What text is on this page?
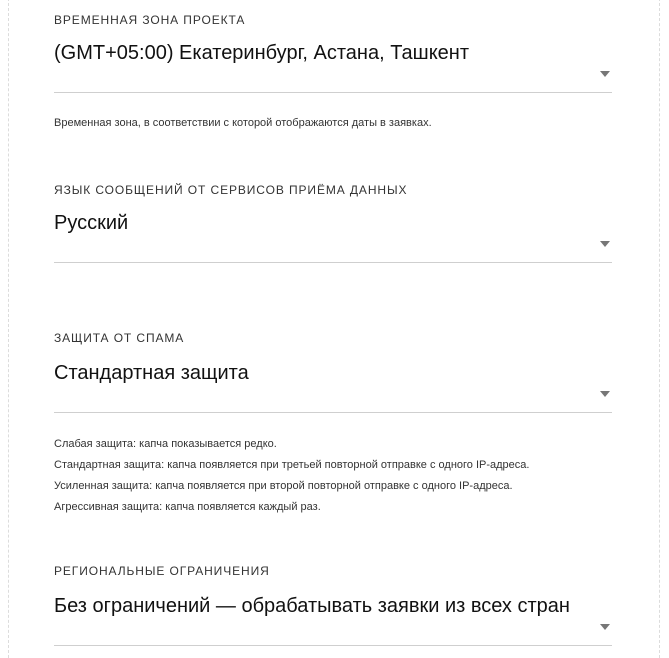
ВРЕМЕННАЯ ЗОНА ПРОЕКТА
(GMT+05:00) Екатеринбург, Астана, Ташкент
Временная зона, в соответствии с которой отображаются даты в заявках.
ЯЗЫК СООБЩЕНИЙ ОТ СЕРВИСОВ ПРИЁМА ДАННЫХ
Русский
ЗАЩИТА ОТ СПАМА
Стандартная защита
Слабая защита: капча показывается редко.
Стандартная защита: капча появляется при третьей повторной отправке с одного IP-адреса.
Усиленная защита: капча появляется при второй повторной отправке с одного IP-адреса.
Агрессивная защита: капча появляется каждый раз.
РЕГИОНАЛЬНЫЕ ОГРАНИЧЕНИЯ
Без ограничений — обрабатывать заявки из всех стран
